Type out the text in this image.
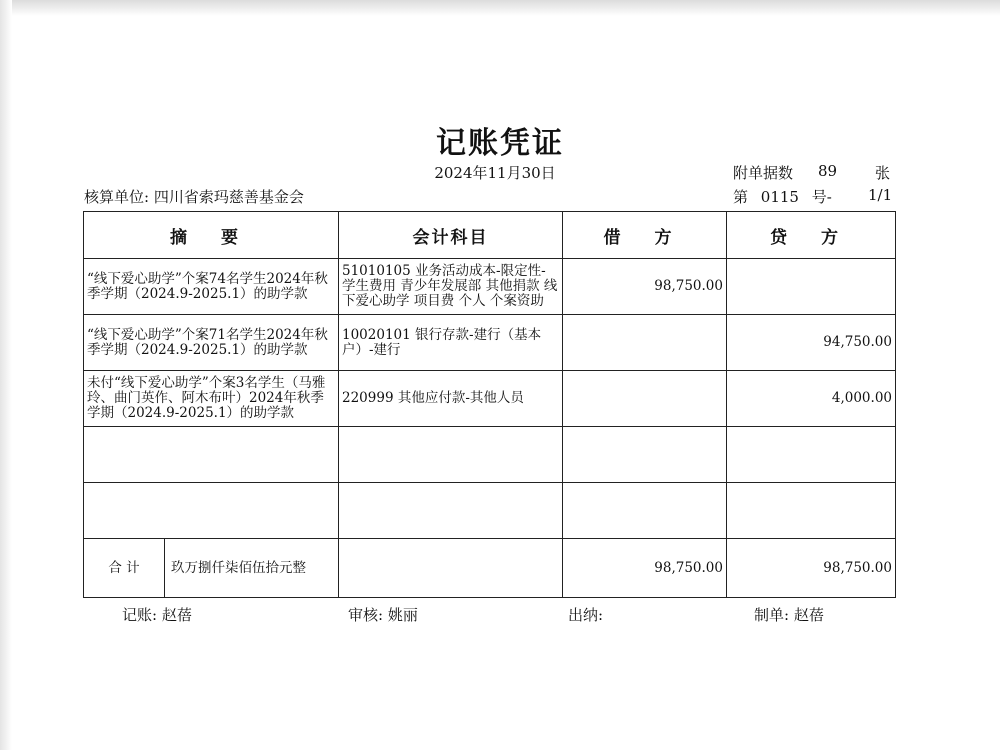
记账凭证
2024年11月30日	附单据数 89	张
核算单位: 四川省索玛慈善基金会	第 0115 号-	1/1
摘 要	会计科目	借 方	贷 方
“线下爱心助学”个案74名学生2024年秋季学期（2024.9-2025.1）的助学款	51010105 业务活动成本-限定性-学生费用 青少年发展部 其他捐款 线下爱心助学 项目费 个人 个案资助	98,750.00	
“线下爱心助学”个案71名学生2024年秋季学期（2024.9-2025.1）的助学款	10020101 银行存款-建行（基本户）-建行		94,750.00
未付“线下爱心助学”个案3名学生（马雅玲、曲门英作、阿木布叶）2024年秋季学期（2024.9-2025.1）的助学款	220999 其他应付款-其他人员		4,000.00

合 计 玖万捌仟柒佰伍拾元整		98,750.00	98,750.00
记账: 赵蓓	审核: 姚丽	出纳:	制单: 赵蓓
